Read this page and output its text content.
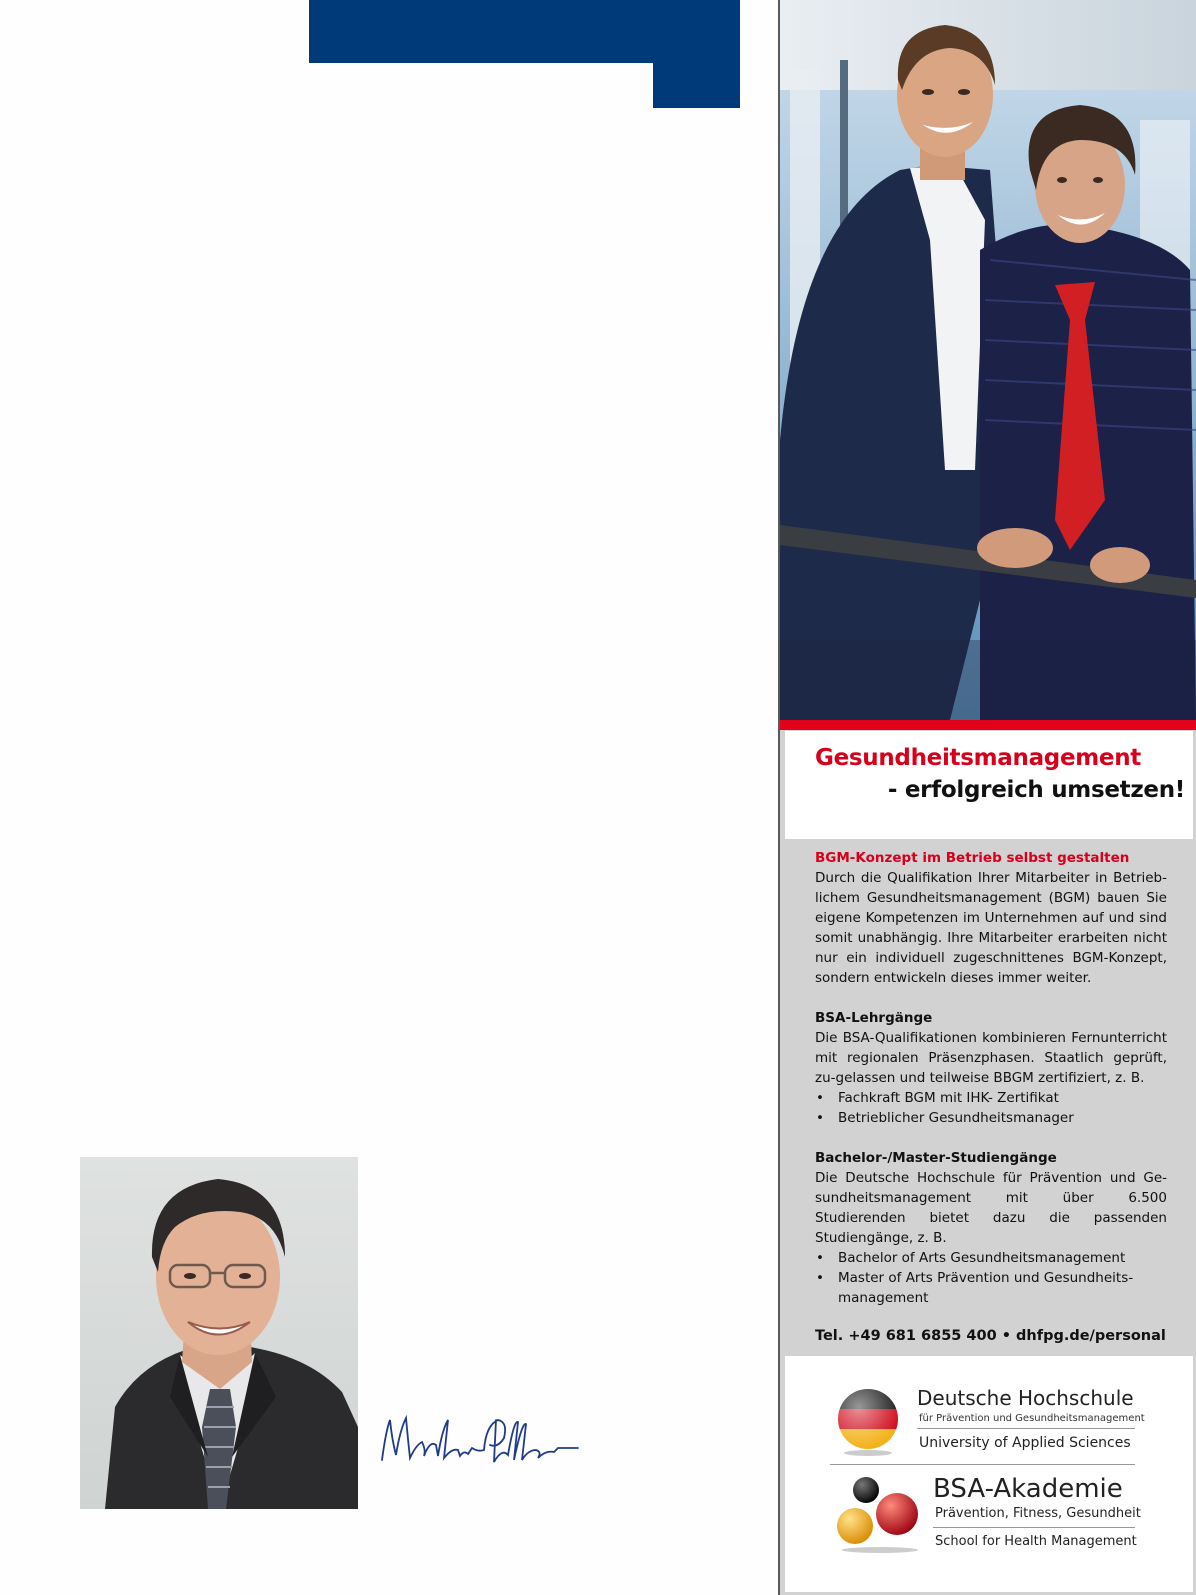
Gesundheitsmanagement
- erfolgreich umsetzen!
BGM-Konzept im Betrieb selbst gestalten

Durch die Qualifikation Ihrer Mitarbeiter in Betrieb-lichem Gesundheitsmanagement (BGM) bauen Sie eigene Kompetenzen im Unternehmen auf und sind somit unabhängig. Ihre Mitarbeiter erarbeiten nicht nur ein individuell zugeschnittenes BGM-Konzept, sondern entwickeln dieses immer weiter.

BSA-Lehrgänge

Die BSA-Qualifikationen kombinieren Fernunterricht mit regionalen Präsenzphasen. Staatlich geprüft, zu-gelassen und teilweise BBGM zertifiziert, z. B.

• Fachkraft BGM mit IHK- Zertifikat
• Betrieblicher Gesundheitsmanager
Bachelor-/Master-Studiengänge

Die Deutsche Hochschule für Prävention und Ge-sundheitsmanagement mit über 6.500 Studierenden bietet dazu die passenden Studiengänge, z. B.

• Bachelor of Arts Gesundheitsmanagement
• Master of Arts Prävention und Gesundheits-management
Tel. +49 681 6855 400 • dhfpg.de/personal
Deutsche Hochschule
für Prävention und Gesundheitsmanagement
University of Applied Sciences
BSA-Akademie
Prävention, Fitness, Gesundheit
School for Health Management
